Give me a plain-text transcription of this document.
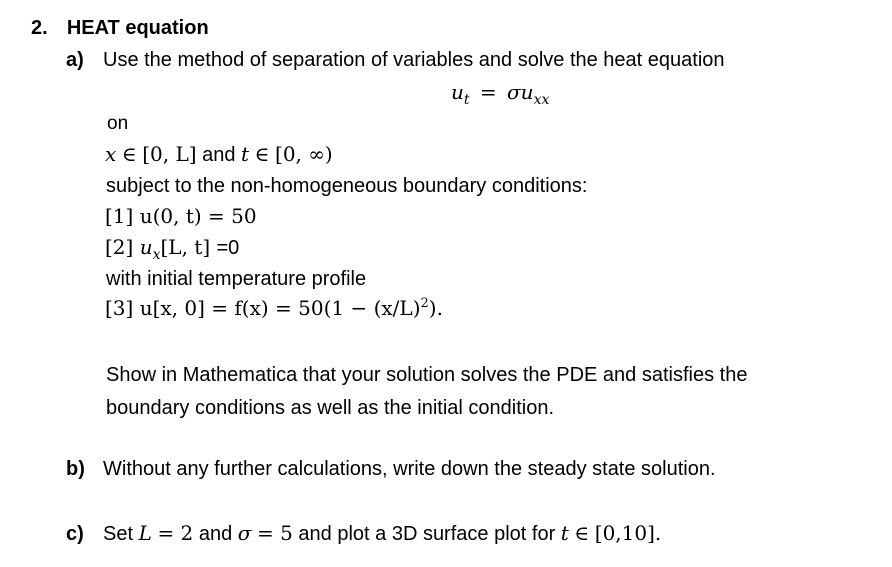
2. HEAT equation
a) Use the method of separation of variables and solve the heat equation
$u_t = \sigma u_{xx}$
on
x ∈ [0, L] and t ∈ [0, ∞)
subject to the non-homogeneous boundary conditions:
[1] u(0, t) = 50
[2] $u_x[L$, t] =0
with initial temperature profile
[3] u[x, $0] = f(x) = 50(1 - (x/L)^2)$.
Show in Mathematica that your solution solves the PDE and satisfies the
boundary conditions as well as the initial condition.
b) Without any further calculations, write down the steady state solution.
c) Set L = 2 and σ = 5 and plot a 3D surface plot for t ∈ [0,10].
